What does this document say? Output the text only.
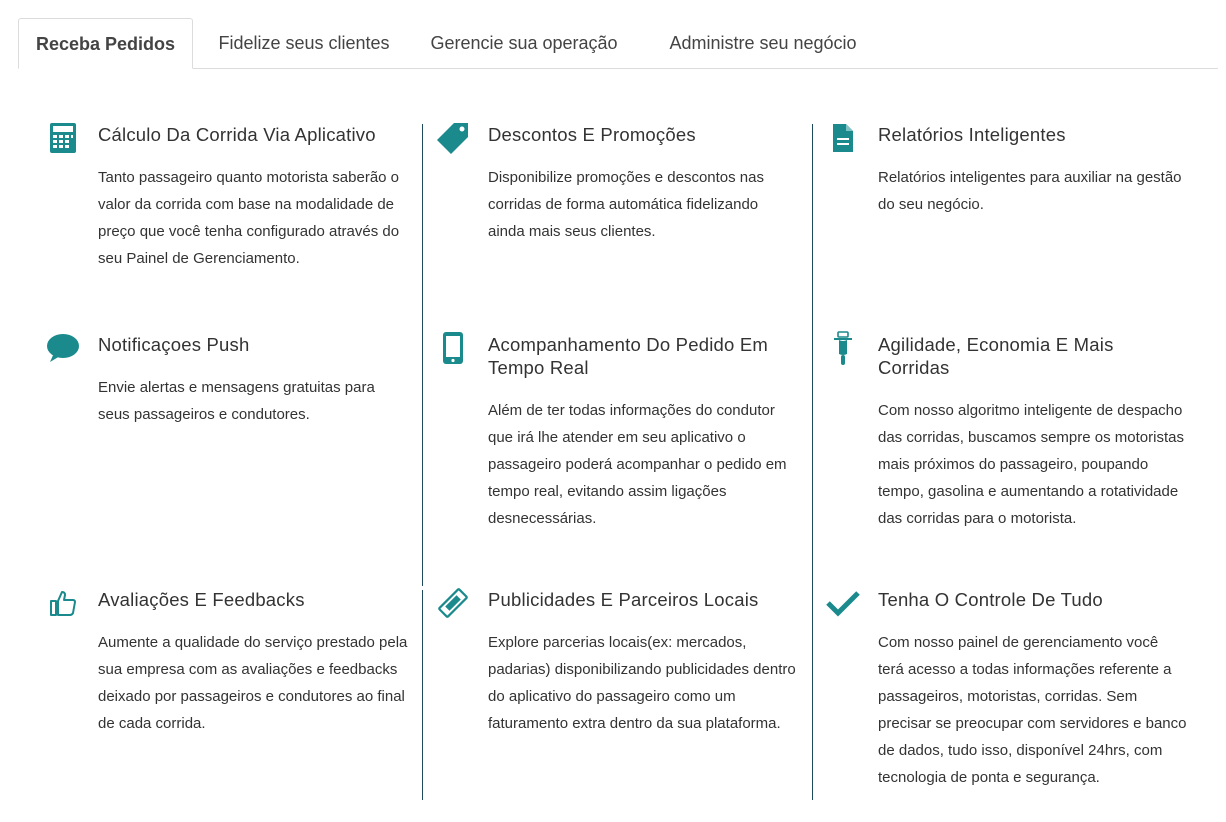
Receba Pedidos	Fidelize seus clientes	Gerencie sua operação	Administre seu negócio
Cálculo Da Corrida Via Aplicativo
Tanto passageiro quanto motorista saberão o valor da corrida com base na modalidade de preço que você tenha configurado através do seu Painel de Gerenciamento.
Descontos E Promoções
Disponibilize promoções e descontos nas corridas de forma automática fidelizando ainda mais seus clientes.
Relatórios Inteligentes
Relatórios inteligentes para auxiliar na gestão do seu negócio.
Notificaçoes Push
Envie alertas e mensagens gratuitas para seus passageiros e condutores.
Acompanhamento Do Pedido Em Tempo Real
Além de ter todas informações do condutor que irá lhe atender em seu aplicativo o passageiro poderá acompanhar o pedido em tempo real, evitando assim ligações desnecessárias.
Agilidade, Economia E Mais Corridas
Com nosso algoritmo inteligente de despacho das corridas, buscamos sempre os motoristas mais próximos do passageiro, poupando tempo, gasolina e aumentando a rotatividade das corridas para o motorista.
Avaliações E Feedbacks
Aumente a qualidade do serviço prestado pela sua empresa com as avaliações e feedbacks deixado por passageiros e condutores ao final de cada corrida.
Publicidades E Parceiros Locais
Explore parcerias locais(ex: mercados, padarias) disponibilizando publicidades dentro do aplicativo do passageiro como um faturamento extra dentro da sua plataforma.
Tenha O Controle De Tudo
Com nosso painel de gerenciamento você terá acesso a todas informações referente a passageiros, motoristas, corridas. Sem precisar se preocupar com servidores e banco de dados, tudo isso, disponível 24hrs, com tecnologia de ponta e segurança.
